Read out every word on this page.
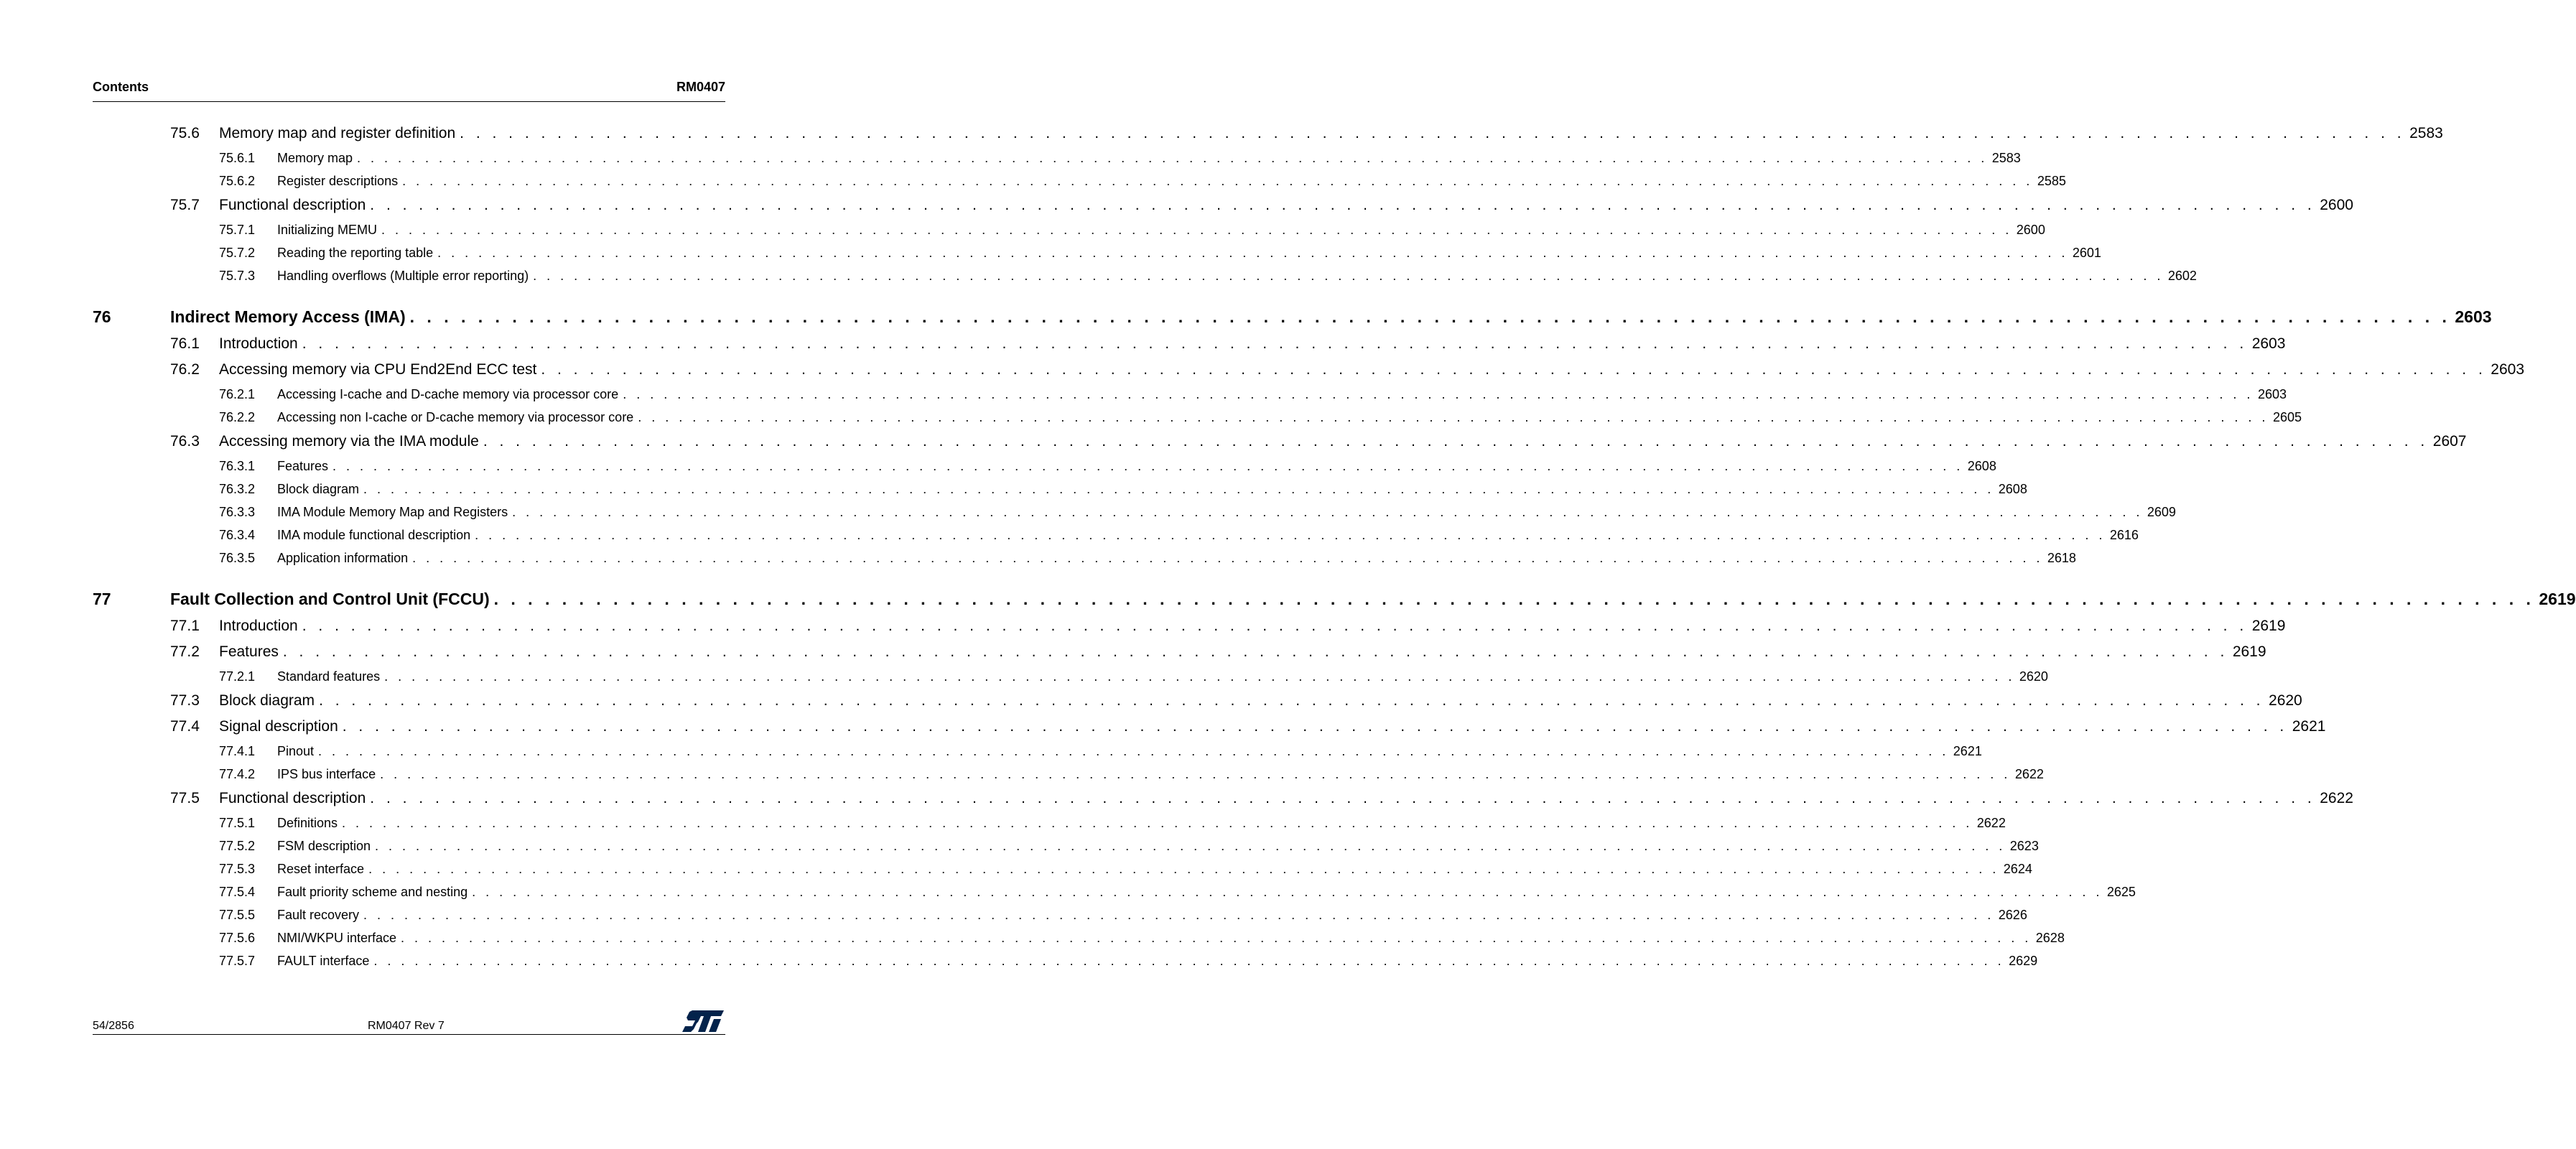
Contents	RM0407
75.6 Memory map and register definition . . . . . . . . . . . . . . . . . . . . . . . . . . . . . . . . . . . . . . . . . . . . . . . . . . . . . . . . . . . . . . . . . . . . . . . . . . . . . . . . . . . . . . . . . . . . . . . . . . . . . . . . . . . . . . . . . . . . . . . . 2583
75.6.1 Memory map . . . . . . . . . . . . . . . . . . . . . . . . . . . . . . . . . . . . . . . . . . . . . . . . . . . . . . . . . . . . . . . . . . . . . . . . . . . . . . . . . . . . . . . . . . . . . . . . . . . . . . . . . . . . . . . . . . . . . . . . 2583
75.6.2 Register descriptions . . . . . . . . . . . . . . . . . . . . . . . . . . . . . . . . . . . . . . . . . . . . . . . . . . . . . . . . . . . . . . . . . . . . . . . . . . . . . . . . . . . . . . . . . . . . . . . . . . . . . . . . . . . . . . . . . . . . . . . . 2585
75.7 Functional description . . . . . . . . . . . . . . . . . . . . . . . . . . . . . . . . . . . . . . . . . . . . . . . . . . . . . . . . . . . . . . . . . . . . . . . . . . . . . . . . . . . . . . . . . . . . . . . . . . . . . . . . . . . . . . . . . . . . . . . . 2600
75.7.1 Initializing MEMU . . . . . . . . . . . . . . . . . . . . . . . . . . . . . . . . . . . . . . . . . . . . . . . . . . . . . . . . . . . . . . . . . . . . . . . . . . . . . . . . . . . . . . . . . . . . . . . . . . . . . . . . . . . . . . . . . . . . . . . . 2600
75.7.2 Reading the reporting table . . . . . . . . . . . . . . . . . . . . . . . . . . . . . . . . . . . . . . . . . . . . . . . . . . . . . . . . . . . . . . . . . . . . . . . . . . . . . . . . . . . . . . . . . . . . . . . . . . . . . . . . . . . . . . . . . . . . . . . . 2601
75.7.3 Handling overflows (Multiple error reporting) . . . . . . . . . . . . . . . . . . . . . . . . . . . . . . . . . . . . . . . . . . . . . . . . . . . . . . . . . . . . . . . . . . . . . . . . . . . . . . . . . . . . . . . . . . . . . . . . . . . . . . . . . . . . . . . . . . . . . . . . 2602
76	Indirect Memory Access (IMA) . . . . . . . . . . . . . . . . . . . . . . . . . . . . . . . . . . . . . . . . . . . . . . . . . . . . . . . . . . . . . . . . . . . . . . . . . . . . . . . . . . . . . . . . . . . . . . . . . . . . . . . . . . . . . . . . . . . . . . . . 2603
76.1 Introduction . . . . . . . . . . . . . . . . . . . . . . . . . . . . . . . . . . . . . . . . . . . . . . . . . . . . . . . . . . . . . . . . . . . . . . . . . . . . . . . . . . . . . . . . . . . . . . . . . . . . . . . . . . . . . . . . . . . . . . . . 2603
76.2 Accessing memory via CPU End2End ECC test . . . . . . . . . . . . . . . . . . . . . . . . . . . . . . . . . . . . . . . . . . . . . . . . . . . . . . . . . . . . . . . . . . . . . . . . . . . . . . . . . . . . . . . . . . . . . . . . . . . . . . . . . . . . . . . . . . . . . . . . 2603
76.2.1 Accessing I-cache and D-cache memory via processor core . . . . . . . . . . . . . . . . . . . . . . . . . . . . . . . . . . . . . . . . . . . . . . . . . . . . . . . . . . . . . . . . . . . . . . . . . . . . . . . . . . . . . . . . . . . . . . . . . . . . . . . . . . . . . . . . . . . . . . . . 2603
76.2.2 Accessing non I-cache or D-cache memory via processor core . . . . . . . . . . . . . . . . . . . . . . . . . . . . . . . . . . . . . . . . . . . . . . . . . . . . . . . . . . . . . . . . . . . . . . . . . . . . . . . . . . . . . . . . . . . . . . . . . . . . . . . . . . . . . . . . . . . . . . . . 2605
76.3 Accessing memory via the IMA module . . . . . . . . . . . . . . . . . . . . . . . . . . . . . . . . . . . . . . . . . . . . . . . . . . . . . . . . . . . . . . . . . . . . . . . . . . . . . . . . . . . . . . . . . . . . . . . . . . . . . . . . . . . . . . . . . . . . . . . . 2607
76.3.1 Features . . . . . . . . . . . . . . . . . . . . . . . . . . . . . . . . . . . . . . . . . . . . . . . . . . . . . . . . . . . . . . . . . . . . . . . . . . . . . . . . . . . . . . . . . . . . . . . . . . . . . . . . . . . . . . . . . . . . . . . . 2608
76.3.2 Block diagram . . . . . . . . . . . . . . . . . . . . . . . . . . . . . . . . . . . . . . . . . . . . . . . . . . . . . . . . . . . . . . . . . . . . . . . . . . . . . . . . . . . . . . . . . . . . . . . . . . . . . . . . . . . . . . . . . . . . . . . . 2608
76.3.3 IMA Module Memory Map and Registers . . . . . . . . . . . . . . . . . . . . . . . . . . . . . . . . . . . . . . . . . . . . . . . . . . . . . . . . . . . . . . . . . . . . . . . . . . . . . . . . . . . . . . . . . . . . . . . . . . . . . . . . . . . . . . . . . . . . . . . . 2609
76.3.4 IMA module functional description . . . . . . . . . . . . . . . . . . . . . . . . . . . . . . . . . . . . . . . . . . . . . . . . . . . . . . . . . . . . . . . . . . . . . . . . . . . . . . . . . . . . . . . . . . . . . . . . . . . . . . . . . . . . . . . . . . . . . . . . 2616
76.3.5 Application information . . . . . . . . . . . . . . . . . . . . . . . . . . . . . . . . . . . . . . . . . . . . . . . . . . . . . . . . . . . . . . . . . . . . . . . . . . . . . . . . . . . . . . . . . . . . . . . . . . . . . . . . . . . . . . . . . . . . . . . . 2618
77	Fault Collection and Control Unit (FCCU) . . . . . . . . . . . . . . . . . . . . . . . . . . . . . . . . . . . . . . . . . . . . . . . . . . . . . . . . . . . . . . . . . . . . . . . . . . . . . . . . . . . . . . . . . . . . . . . . . . . . . . . . . . . . . . . . . . . . . . . . 2619
77.1 Introduction . . . . . . . . . . . . . . . . . . . . . . . . . . . . . . . . . . . . . . . . . . . . . . . . . . . . . . . . . . . . . . . . . . . . . . . . . . . . . . . . . . . . . . . . . . . . . . . . . . . . . . . . . . . . . . . . . . . . . . . . 2619
77.2 Features . . . . . . . . . . . . . . . . . . . . . . . . . . . . . . . . . . . . . . . . . . . . . . . . . . . . . . . . . . . . . . . . . . . . . . . . . . . . . . . . . . . . . . . . . . . . . . . . . . . . . . . . . . . . . . . . . . . . . . . . 2619
77.2.1 Standard features . . . . . . . . . . . . . . . . . . . . . . . . . . . . . . . . . . . . . . . . . . . . . . . . . . . . . . . . . . . . . . . . . . . . . . . . . . . . . . . . . . . . . . . . . . . . . . . . . . . . . . . . . . . . . . . . . . . . . . . . 2620
77.3 Block diagram . . . . . . . . . . . . . . . . . . . . . . . . . . . . . . . . . . . . . . . . . . . . . . . . . . . . . . . . . . . . . . . . . . . . . . . . . . . . . . . . . . . . . . . . . . . . . . . . . . . . . . . . . . . . . . . . . . . . . . . . 2620
77.4 Signal description . . . . . . . . . . . . . . . . . . . . . . . . . . . . . . . . . . . . . . . . . . . . . . . . . . . . . . . . . . . . . . . . . . . . . . . . . . . . . . . . . . . . . . . . . . . . . . . . . . . . . . . . . . . . . . . . . . . . . . . . 2621
77.4.1 Pinout . . . . . . . . . . . . . . . . . . . . . . . . . . . . . . . . . . . . . . . . . . . . . . . . . . . . . . . . . . . . . . . . . . . . . . . . . . . . . . . . . . . . . . . . . . . . . . . . . . . . . . . . . . . . . . . . . . . . . . . . 2621
77.4.2 IPS bus interface . . . . . . . . . . . . . . . . . . . . . . . . . . . . . . . . . . . . . . . . . . . . . . . . . . . . . . . . . . . . . . . . . . . . . . . . . . . . . . . . . . . . . . . . . . . . . . . . . . . . . . . . . . . . . . . . . . . . . . . . 2622
77.5 Functional description . . . . . . . . . . . . . . . . . . . . . . . . . . . . . . . . . . . . . . . . . . . . . . . . . . . . . . . . . . . . . . . . . . . . . . . . . . . . . . . . . . . . . . . . . . . . . . . . . . . . . . . . . . . . . . . . . . . . . . . . 2622
77.5.1 Definitions . . . . . . . . . . . . . . . . . . . . . . . . . . . . . . . . . . . . . . . . . . . . . . . . . . . . . . . . . . . . . . . . . . . . . . . . . . . . . . . . . . . . . . . . . . . . . . . . . . . . . . . . . . . . . . . . . . . . . . . . 2622
77.5.2 FSM description . . . . . . . . . . . . . . . . . . . . . . . . . . . . . . . . . . . . . . . . . . . . . . . . . . . . . . . . . . . . . . . . . . . . . . . . . . . . . . . . . . . . . . . . . . . . . . . . . . . . . . . . . . . . . . . . . . . . . . . . 2623
77.5.3 Reset interface . . . . . . . . . . . . . . . . . . . . . . . . . . . . . . . . . . . . . . . . . . . . . . . . . . . . . . . . . . . . . . . . . . . . . . . . . . . . . . . . . . . . . . . . . . . . . . . . . . . . . . . . . . . . . . . . . . . . . . . . 2624
77.5.4 Fault priority scheme and nesting . . . . . . . . . . . . . . . . . . . . . . . . . . . . . . . . . . . . . . . . . . . . . . . . . . . . . . . . . . . . . . . . . . . . . . . . . . . . . . . . . . . . . . . . . . . . . . . . . . . . . . . . . . . . . . . . . . . . . . . . 2625
77.5.5 Fault recovery . . . . . . . . . . . . . . . . . . . . . . . . . . . . . . . . . . . . . . . . . . . . . . . . . . . . . . . . . . . . . . . . . . . . . . . . . . . . . . . . . . . . . . . . . . . . . . . . . . . . . . . . . . . . . . . . . . . . . . . . 2626
77.5.6 NMI/WKPU interface . . . . . . . . . . . . . . . . . . . . . . . . . . . . . . . . . . . . . . . . . . . . . . . . . . . . . . . . . . . . . . . . . . . . . . . . . . . . . . . . . . . . . . . . . . . . . . . . . . . . . . . . . . . . . . . . . . . . . . . . 2628
77.5.7 FAULT interface . . . . . . . . . . . . . . . . . . . . . . . . . . . . . . . . . . . . . . . . . . . . . . . . . . . . . . . . . . . . . . . . . . . . . . . . . . . . . . . . . . . . . . . . . . . . . . . . . . . . . . . . . . . . . . . . . . . . . . . . 2629
54/2856	RM0407 Rev 7
